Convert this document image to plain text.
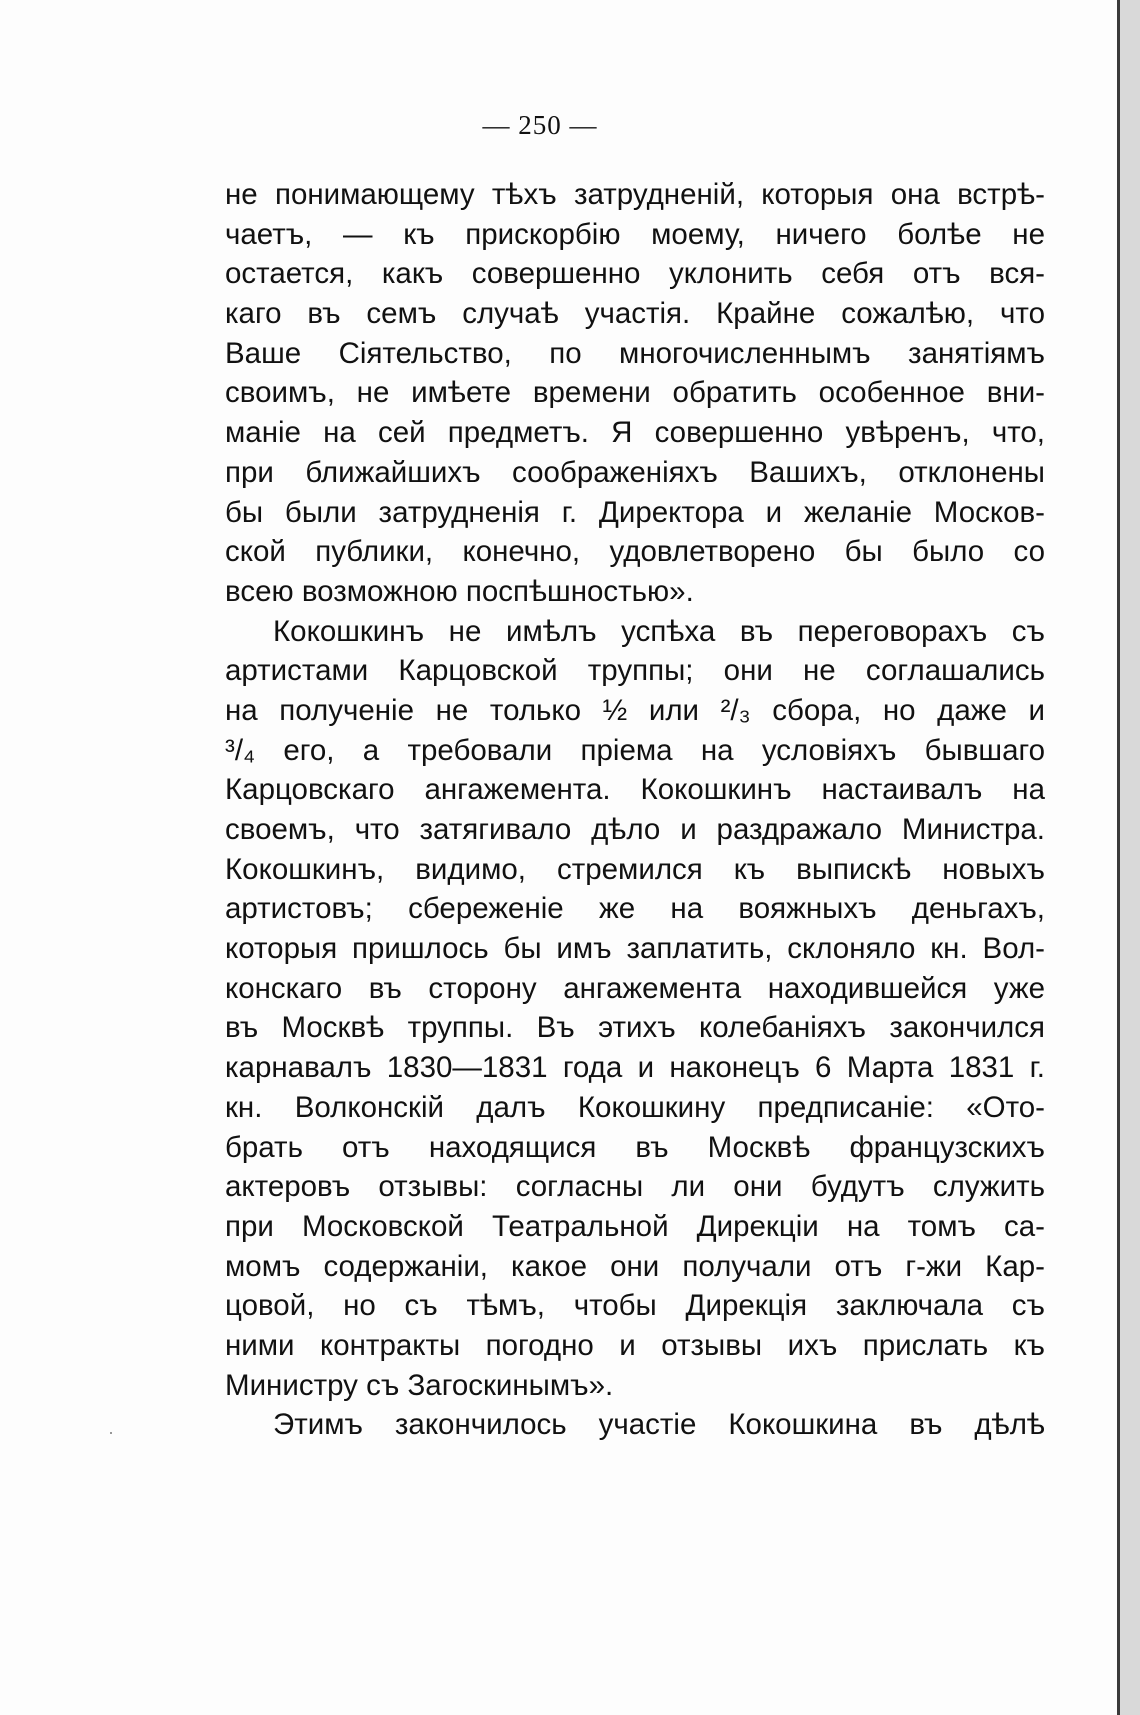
— 250 —
не понимающему тѣхъ затрудненій, которыя она встрѣ-
чаетъ, — къ прискорбію моему, ничего болѣе не
остается, какъ совершенно уклонить себя отъ вся-
каго въ семъ случаѣ участія. Крайне сожалѣю, что
Ваше Сіятельство, по многочисленнымъ занятіямъ
своимъ, не имѣете времени обратить особенное вни-
маніе на сей предметъ. Я совершенно увѣренъ, что,
при ближайшихъ соображеніяхъ Вашихъ, отклонены
бы были затрудненія г. Директора и желаніе Москов-
ской публики, конечно, удовлетворено бы было со
всею возможною поспѣшностью».
Кокошкинъ не имѣлъ успѣха въ переговорахъ съ
артистами Карцовской труппы; они не соглашались
на полученіе не только ½ или ²/₃ сбора, но даже и
³/₄ его, а требовали пріема на условіяхъ бывшаго
Карцовскаго ангажемента. Кокошкинъ настаивалъ на
своемъ, что затягивало дѣло и раздражало Министра.
Кокошкинъ, видимо, стремился къ выпискѣ новыхъ
артистовъ; сбереженіе же на вояжныхъ деньгахъ,
которыя пришлось бы имъ заплатить, склоняло кн. Вол-
конскаго въ сторону ангажемента находившейся уже
въ Москвѣ труппы. Въ этихъ колебаніяхъ закончился
карнавалъ 1830—1831 года и наконецъ 6 Марта 1831 г.
кн. Волконскій далъ Кокошкину предписаніе: «Ото-
брать отъ находящися въ Москвѣ французскихъ
актеровъ отзывы: согласны ли они будутъ служить
при Московской Театральной Дирекціи на томъ са-
момъ содержаніи, какое они получали отъ г-жи Кар-
цовой, но съ тѣмъ, чтобы Дирекція заключала съ
ними контракты погодно и отзывы ихъ прислать къ
Министру съ Загоскинымъ».
Этимъ закончилось участіе Кокошкина въ дѣлѣ
